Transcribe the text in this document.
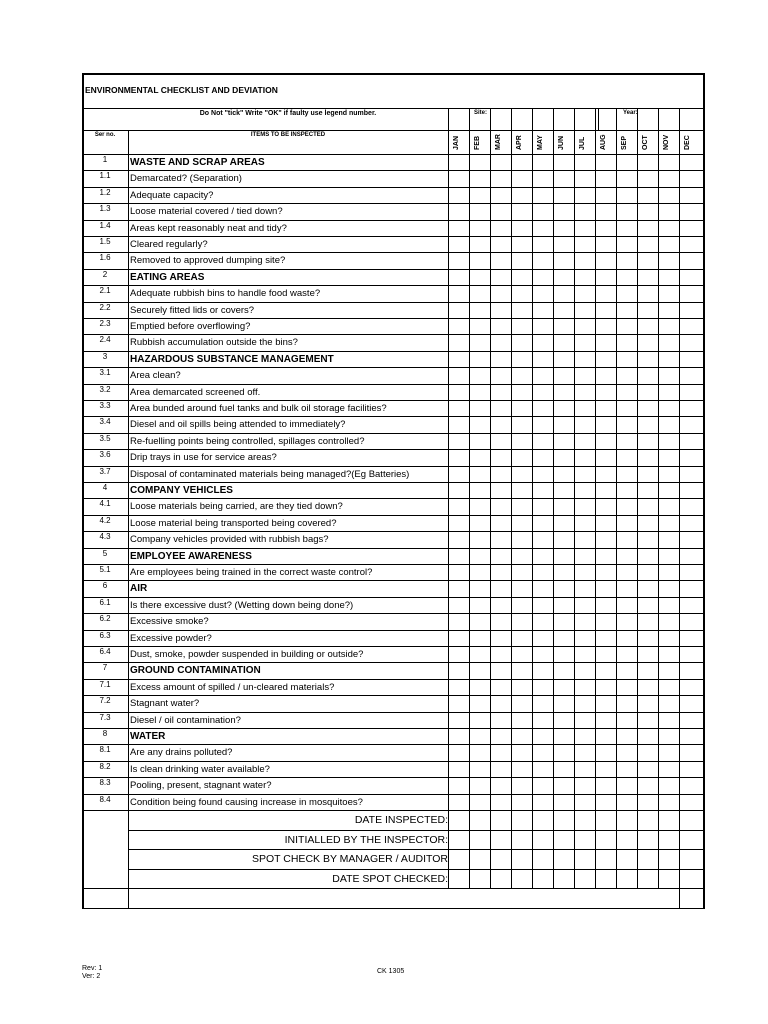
ENVIRONMENTAL CHECKLIST AND DEVIATION
Do Not "tick" Write "OK" if faulty use legend number.	Site:	Year:
Ser no.	ITEMS TO BE INSPECTED
JAN	FEB	MAR	APR	MAY	JUN	JUL	AUG	SEP	OCT	NOV	DEC
1	WASTE AND SCRAP AREAS
1.1	Demarcated? (Separation)
1.2	Adequate capacity?
1.3	Loose material covered / tied down?
1.4	Areas kept reasonably neat and tidy?
1.5	Cleared regularly?
1.6	Removed to approved dumping site?
2	EATING AREAS
2.1	Adequate rubbish bins to handle food waste?
2.2	Securely fitted lids or covers?
2.3	Emptied before overflowing?
2.4	Rubbish accumulation outside the bins?
3	HAZARDOUS SUBSTANCE MANAGEMENT
3.1	Area clean?
3.2	Area demarcated screened off.
3.3	Area bunded around fuel tanks and bulk oil storage facilities?
3.4	Diesel and oil spills being attended to immediately?
3.5	Re-fuelling points being controlled, spillages controlled?
3.6	Drip trays in use for service areas?
3.7	Disposal of contaminated materials being managed?(Eg Batteries)
4	COMPANY VEHICLES
4.1	Loose materials being carried, are they tied down?
4.2	Loose material being transported being covered?
4.3	Company vehicles provided with rubbish bags?
5	EMPLOYEE AWARENESS
5.1	Are employees being trained in the correct waste control?
6	AIR
6.1	Is there excessive dust? (Wetting down being done?)
6.2	Excessive smoke?
6.3	Excessive powder?
6.4	Dust, smoke, powder suspended in building or outside?
7	GROUND CONTAMINATION
7.1	Excess amount of spilled / un-cleared materials?
7.2	Stagnant water?
7.3	Diesel / oil contamination?
8	WATER
8.1	Are any drains polluted?
8.2	Is clean drinking water available?
8.3	Pooling, present, stagnant water?
8.4	Condition being found causing increase in mosquitoes?
DATE INSPECTED:
INITIALLED BY THE INSPECTOR:
SPOT CHECK BY MANAGER / AUDITOR
DATE SPOT CHECKED:
Rev: 1
Ver: 2
CK 1305
